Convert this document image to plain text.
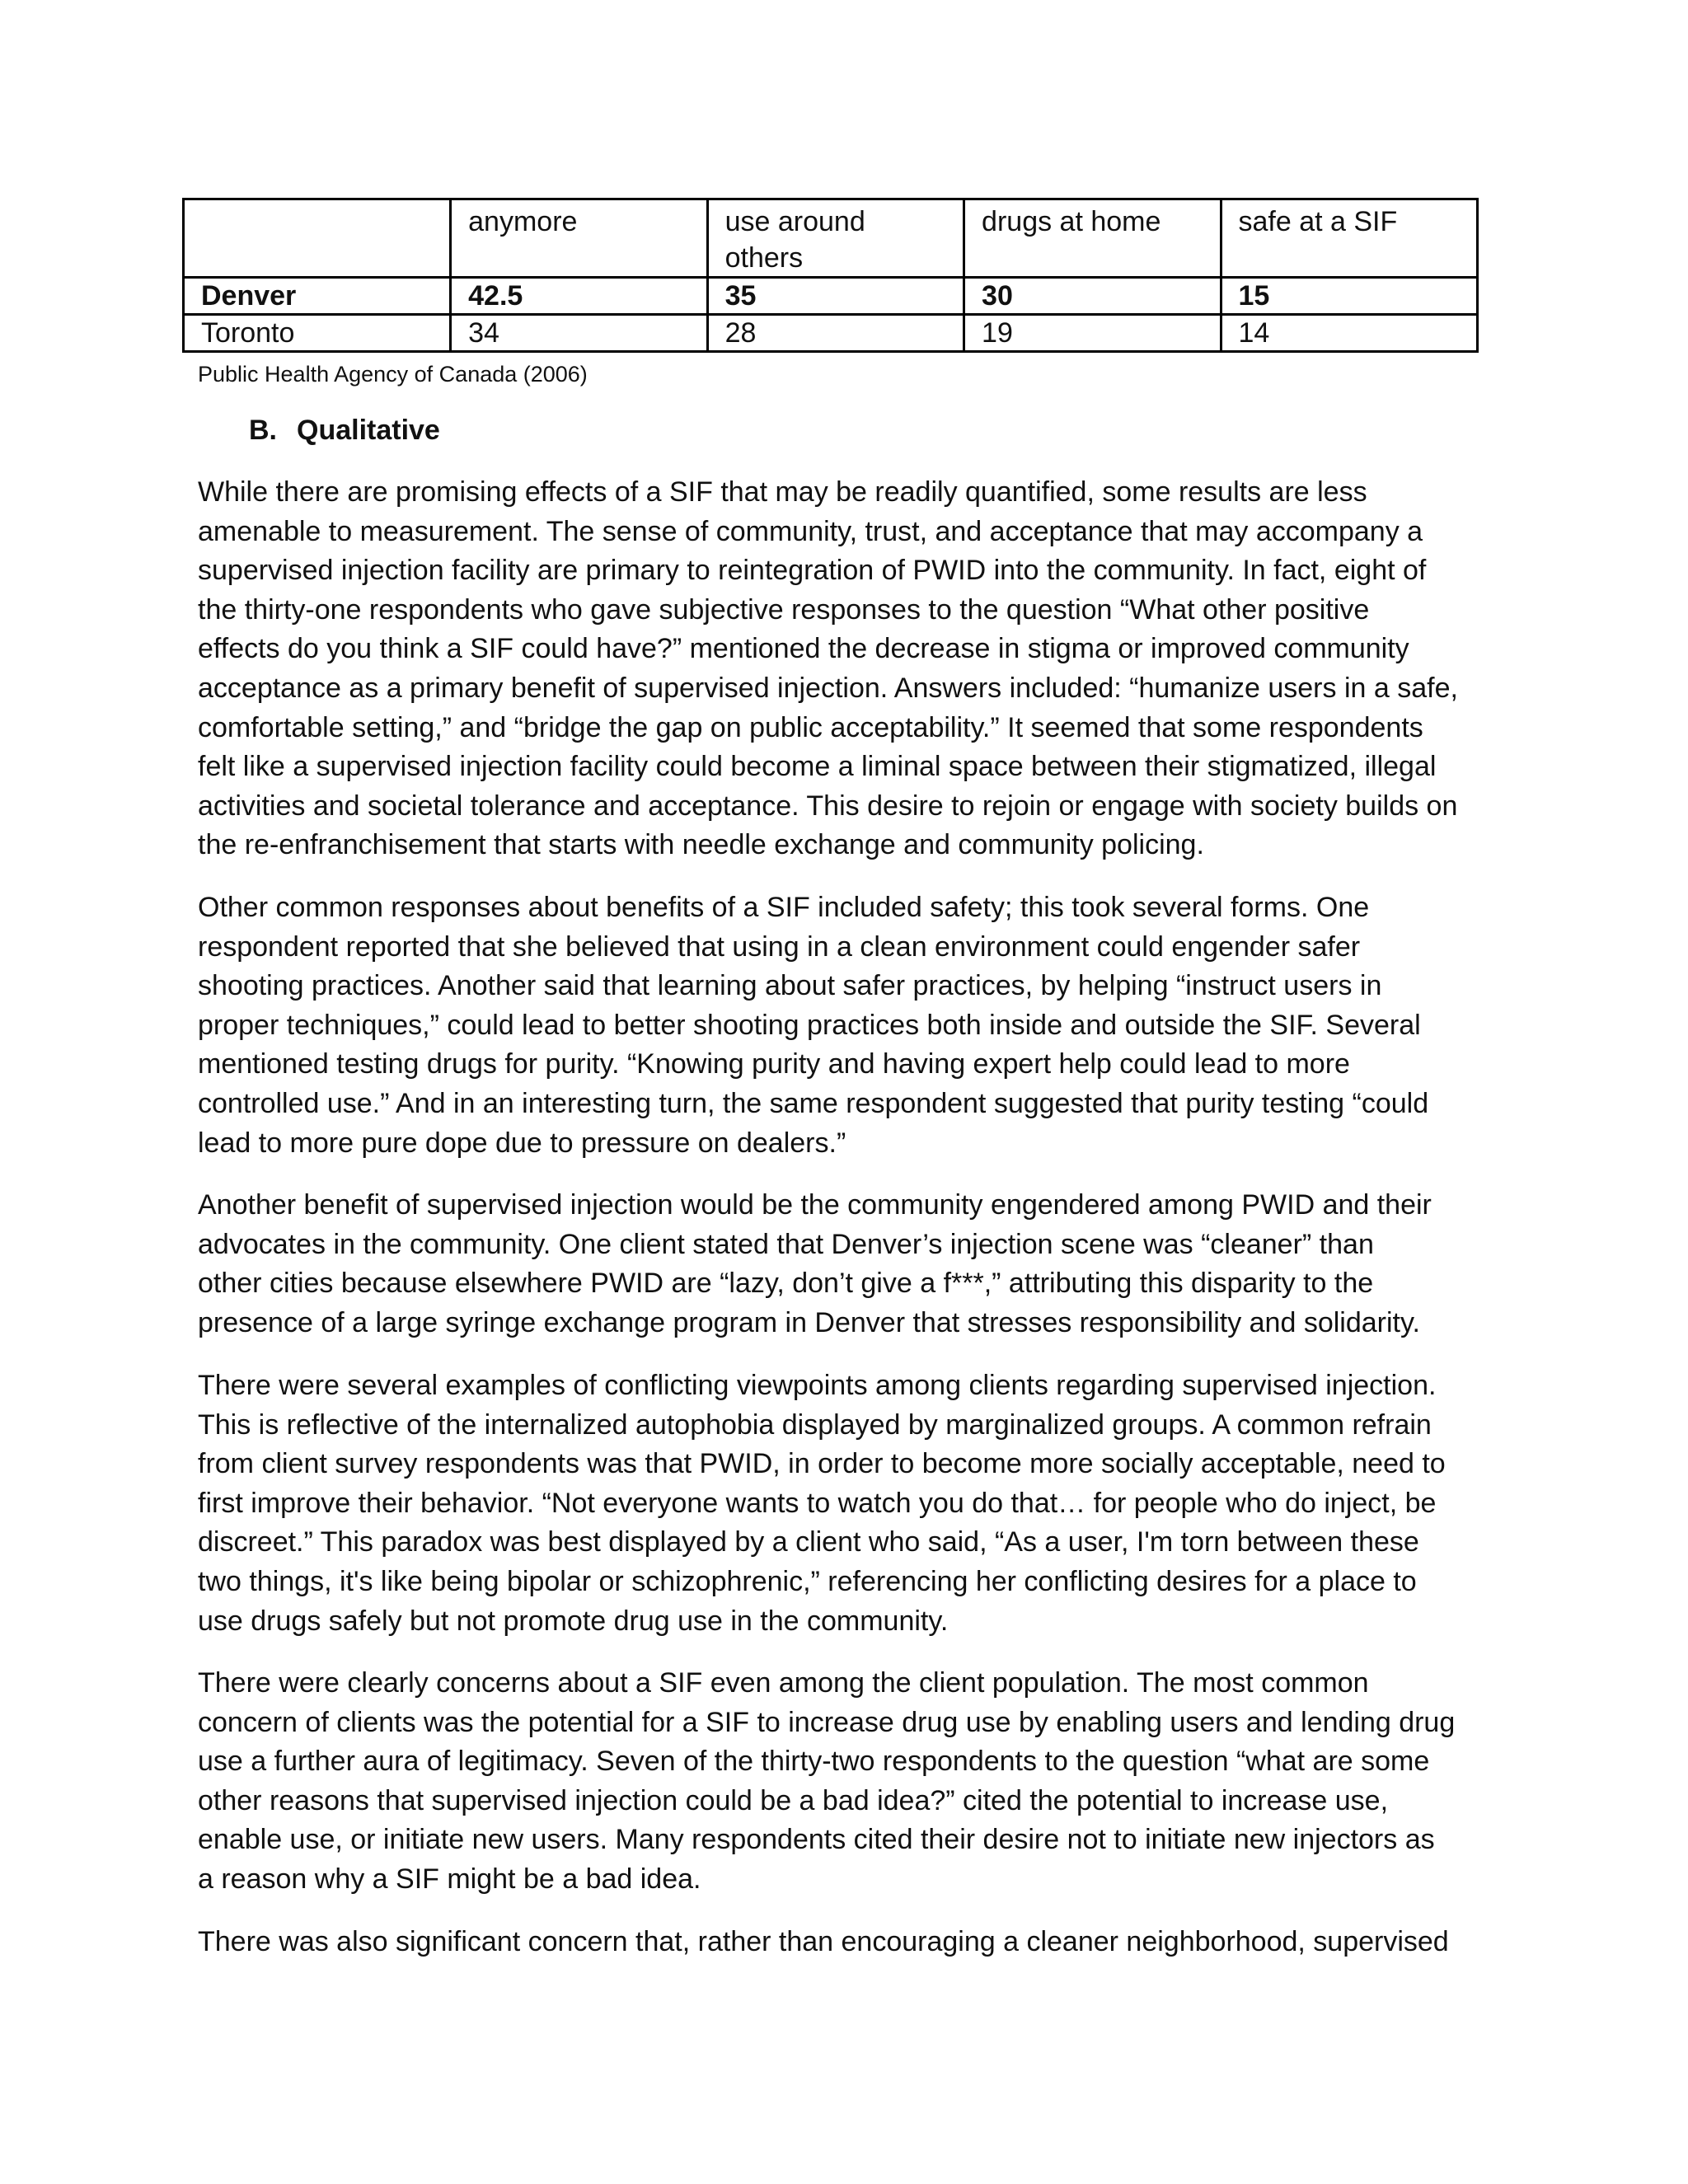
	anymore	use around others	drugs at home	safe at a SIF
Denver	42.5	35	30	15
Toronto	34	28	19	14
Public Health Agency of Canada (2006)
B. Qualitative

While there are promising effects of a SIF that may be readily quantified, some results are less
amenable to measurement. The sense of community, trust, and acceptance that may accompany a
supervised injection facility are primary to reintegration of PWID into the community. In fact, eight of
the thirty-one respondents who gave subjective responses to the question “What other positive
effects do you think a SIF could have?” mentioned the decrease in stigma or improved community
acceptance as a primary benefit of supervised injection. Answers included: “humanize users in a safe,
comfortable setting,” and “bridge the gap on public acceptability.” It seemed that some respondents
felt like a supervised injection facility could become a liminal space between their stigmatized, illegal
activities and societal tolerance and acceptance. This desire to rejoin or engage with society builds on
the re-enfranchisement that starts with needle exchange and community policing.

Other common responses about benefits of a SIF included safety; this took several forms. One
respondent reported that she believed that using in a clean environment could engender safer
shooting practices. Another said that learning about safer practices, by helping “instruct users in
proper techniques,” could lead to better shooting practices both inside and outside the SIF. Several
mentioned testing drugs for purity. “Knowing purity and having expert help could lead to more
controlled use.” And in an interesting turn, the same respondent suggested that purity testing “could
lead to more pure dope due to pressure on dealers.”

Another benefit of supervised injection would be the community engendered among PWID and their
advocates in the community. One client stated that Denver’s injection scene was “cleaner” than
other cities because elsewhere PWID are “lazy, don’t give a f***,” attributing this disparity to the
presence of a large syringe exchange program in Denver that stresses responsibility and solidarity.

There were several examples of conflicting viewpoints among clients regarding supervised injection.
This is reflective of the internalized autophobia displayed by marginalized groups. A common refrain
from client survey respondents was that PWID, in order to become more socially acceptable, need to
first improve their behavior. “Not everyone wants to watch you do that… for people who do inject, be
discreet.” This paradox was best displayed by a client who said, “As a user, I'm torn between these
two things, it's like being bipolar or schizophrenic,” referencing her conflicting desires for a place to
use drugs safely but not promote drug use in the community.

There were clearly concerns about a SIF even among the client population. The most common
concern of clients was the potential for a SIF to increase drug use by enabling users and lending drug
use a further aura of legitimacy. Seven of the thirty-two respondents to the question “what are some
other reasons that supervised injection could be a bad idea?” cited the potential to increase use,
enable use, or initiate new users. Many respondents cited their desire not to initiate new injectors as
a reason why a SIF might be a bad idea.

There was also significant concern that, rather than encouraging a cleaner neighborhood, supervised
